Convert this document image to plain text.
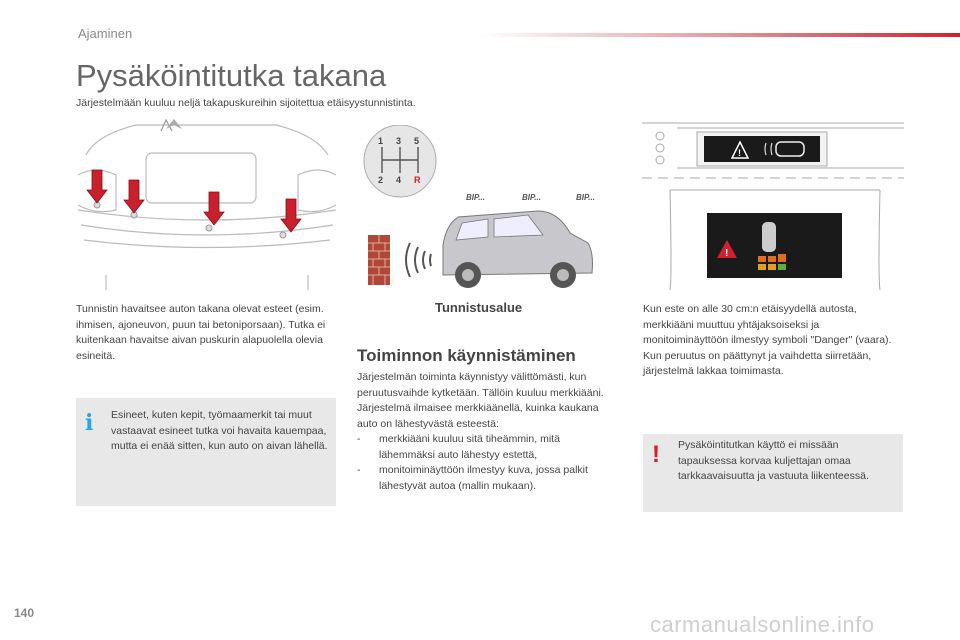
Ajaminen
Pysäköintitutka takana
Järjestelmään kuuluu neljä takapuskureihin sijoitettua etäisyystunnistinta.
Tunnistin havaitsee auton takana olevat esteet (esim. ihmisen, ajoneuvon, puun tai betoniporsaan). Tutka ei kuitenkaan havaitse aivan puskurin alapuolella olevia esineitä.
i Esineet, kuten kepit, työmaamerkit tai muut vastaavat esineet tutka voi havaita kauempaa, mutta ei enää sitten, kun auto on aivan lähellä.
1 3 5
2 4 R
BIP...	BIP...	BIP...
Tunnistusalue
Toiminnon käynnistäminen
Järjestelmän toiminta käynnistyy välittömästi, kun peruutusvaihde kytketään. Tällöin kuuluu merkkiääni. Järjestelmä ilmaisee merkkiäänellä, kuinka kaukana auto on lähestyvästä esteestä:
- merkkiääni kuuluu sitä tiheämmin, mitä lähemmäksi auto lähestyy estettä,
- monitoiminäyttöön ilmestyy kuva, jossa palkit lähestyvät autoa (mallin mukaan).
!
!
Kun este on alle 30 cm:n etäisyydellä autosta, merkkiääni muuttuu yhtäjaksoiseksi ja monitoiminäyttöön ilmestyy symboli "Danger" (vaara).
Kun peruutus on päättynyt ja vaihdetta siirretään, järjestelmä lakkaa toimimasta.
! Pysäköintitutkan käyttö ei missään tapauksessa korvaa kuljettajan omaa tarkkaavaisuutta ja vastuuta liikenteessä.
140	carmanualsonline.info
